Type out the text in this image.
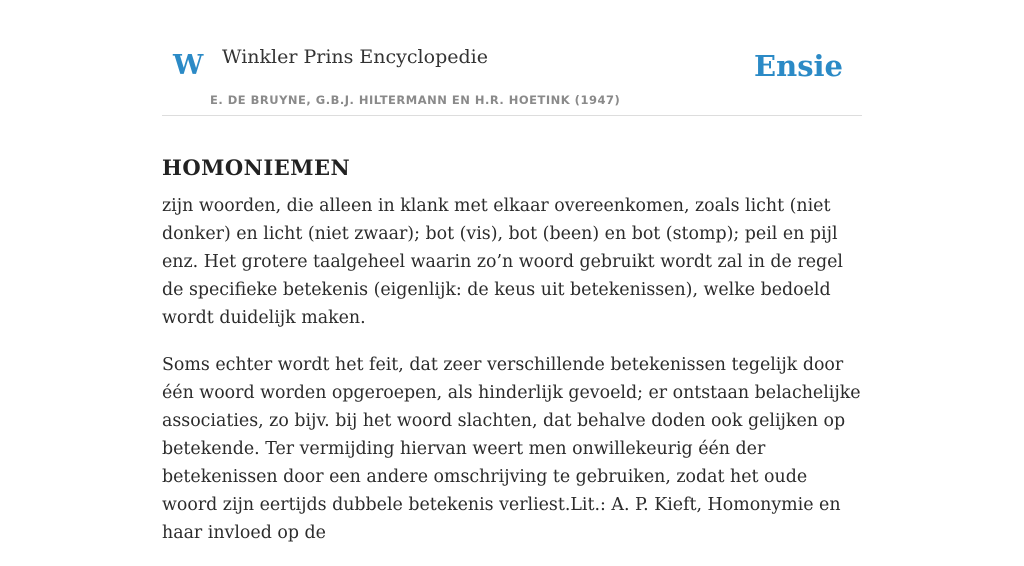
W Winkler Prins Encyclopedie
E. DE BRUYNE, G.B.J. HILTERMANN EN H.R. HOETINK (1947)
Ensie
HOMONIEMEN

zijn woorden, die alleen in klank met elkaar overeenkomen, zoals licht (niet donker) en licht (niet zwaar); bot (vis), bot (been) en bot (stomp); peil en pijl enz. Het grotere taalgeheel waarin zo’n woord gebruikt wordt zal in de regel de specifieke betekenis (eigenlijk: de keus uit betekenissen), welke bedoeld wordt duidelijk maken.

Soms echter wordt het feit, dat zeer verschillende betekenissen tegelijk door één woord worden opgeroepen, als hinderlijk gevoeld; er ontstaan belachelijke associaties, zo bijv. bij het woord slachten, dat behalve doden ook gelijken op betekende. Ter vermijding hiervan weert men onwillekeurig één der betekenissen door een andere omschrijving te gebruiken, zodat het oude woord zijn eertijds dubbele betekenis verliest.Lit.: A. P. Kieft, Homonymie en haar invloed op de
